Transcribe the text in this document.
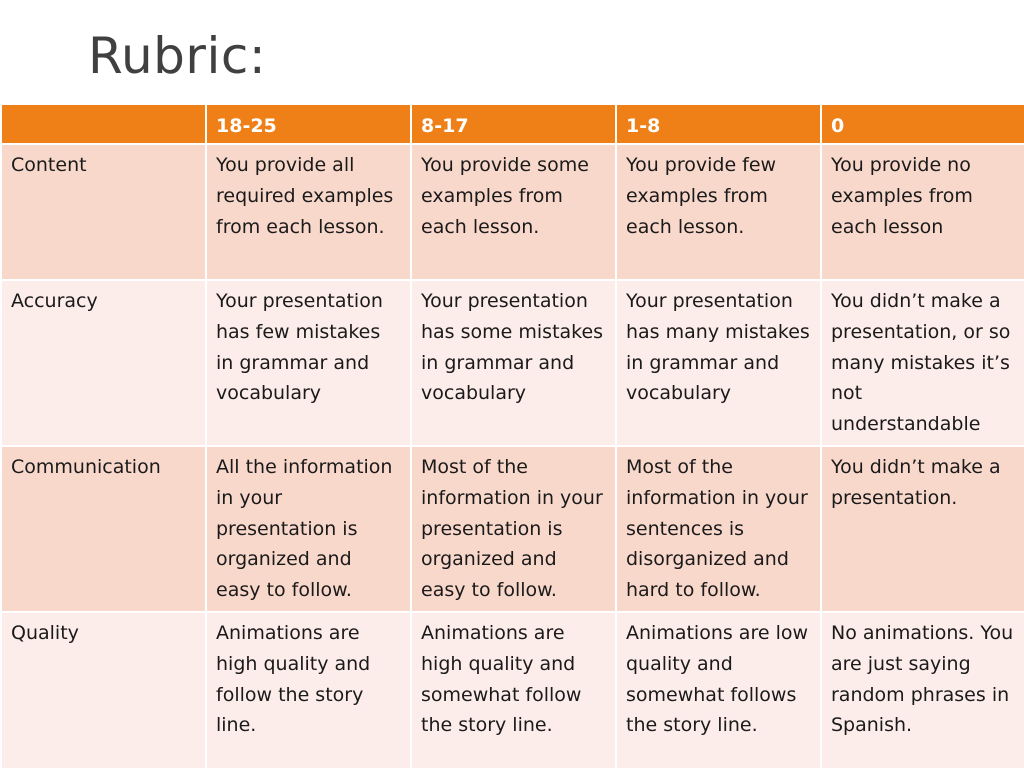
Rubric:
	18-25	8-17	1-8	0
Content	You provide all required examples from each lesson.	You provide some examples from each lesson.	You provide few examples from each lesson.	You provide no examples from each lesson
Accuracy	Your presentation has few mistakes in grammar and vocabulary	Your presentation has some mistakes in grammar and vocabulary	Your presentation has many mistakes in grammar and vocabulary	You didn’t make a presentation, or so many mistakes it’s not understandable
Communication	All the information in your presentation is organized and easy to follow.	Most of the information in your presentation is organized and easy to follow.	Most of the information in your sentences is disorganized and hard to follow.	You didn’t make a presentation.
Quality	Animations are high quality and follow the story line.	Animations are high quality and somewhat follow the story line.	Animations are low quality and somewhat follows the story line.	No animations. You are just saying random phrases in Spanish.
